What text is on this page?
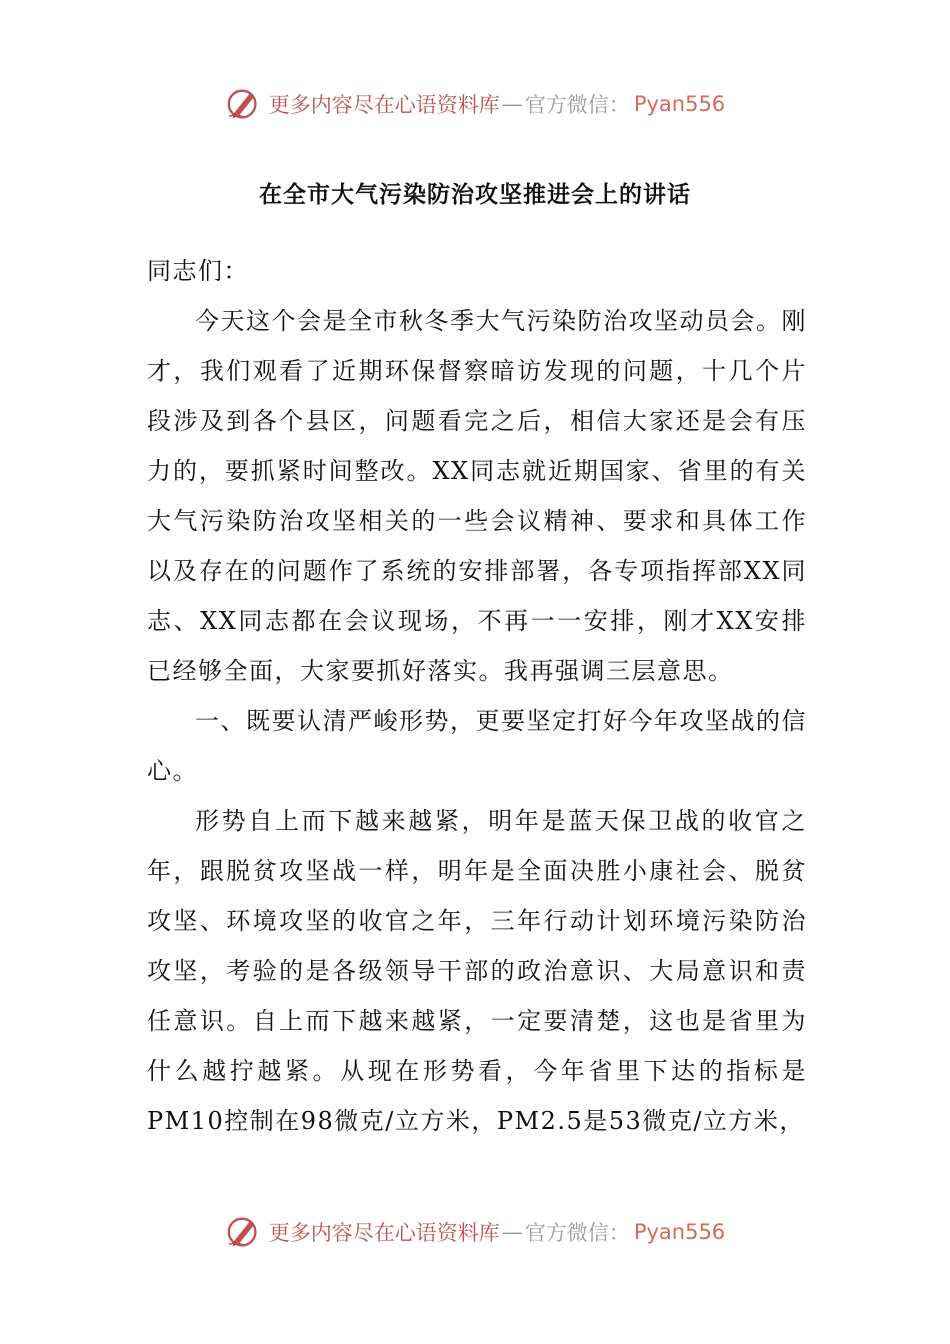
更多内容尽在心语资料库 — 官方微信： Pyan556
在全市大气污染防治攻坚推进会上的讲话

同志们：

今天这个会是全市秋冬季大气污染防治攻坚动员会。刚才，我们观看了近期环保督察暗访发现的问题，十几个片段涉及到各个县区，问题看完之后，相信大家还是会有压力的，要抓紧时间整改。XX同志就近期国家、省里的有关大气污染防治攻坚相关的一些会议精神、要求和具体工作以及存在的问题作了系统的安排部署，各专项指挥部XX同志、XX同志都在会议现场，不再一一安排，刚才XX安排已经够全面，大家要抓好落实。我再强调三层意思。

一、既要认清严峻形势，更要坚定打好今年攻坚战的信心。

形势自上而下越来越紧，明年是蓝天保卫战的收官之年，跟脱贫攻坚战一样，明年是全面决胜小康社会、脱贫攻坚、环境攻坚的收官之年，三年行动计划环境污染防治攻坚，考验的是各级领导干部的政治意识、大局意识和责任意识。自上而下越来越紧，一定要清楚，这也是省里为什么越拧越紧。从现在形势看，今年省里下达的指标是PM10控制在98微克/立方米，PM2.5是53微克/立方米，

更多内容尽在心语资料库 — 官方微信： Pyan556
